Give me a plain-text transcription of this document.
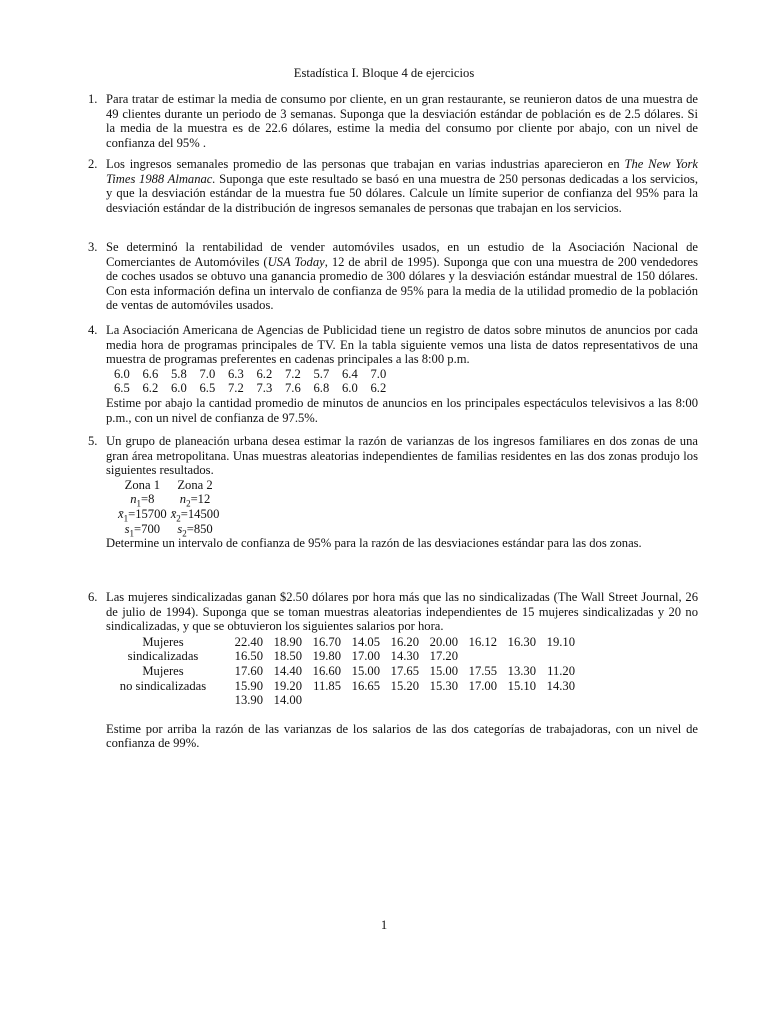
Estadística I. Bloque 4 de ejercicios
1. Para tratar de estimar la media de consumo por cliente, en un gran restaurante, se reunieron datos de una muestra de 49 clientes durante un periodo de 3 semanas. Suponga que la desviación estándar de población es de 2.5 dólares. Si la media de la muestra es de 22.6 dólares, estime la media del consumo por cliente por abajo, con un nivel de confianza del 95% .

2. Los ingresos semanales promedio de las personas que trabajan en varias industrias aparecieron en The New York Times 1988 Almanac. Suponga que este resultado se basó en una muestra de 250 personas dedicadas a los servicios, y que la desviación estándar de la muestra fue 50 dólares. Calcule un límite superior de confianza del 95% para la desviación estándar de la distribución de ingresos semanales de personas que trabajan en los servicios.

3. Se determinó la rentabilidad de vender automóviles usados, en un estudio de la Asociación Nacional de Comerciantes de Automóviles (USA Today, 12 de abril de 1995). Suponga que con una muestra de 200 vendedores de coches usados se obtuvo una ganancia promedio de 300 dólares y la desviación estándar muestral de 150 dólares. Con esta información defina un intervalo de confianza de 95% para la media de la utilidad promedio de la población de ventas de automóviles usados.

4. La Asociación Americana de Agencias de Publicidad tiene un registro de datos sobre minutos de anuncios por cada media hora de programas principales de TV. En la tabla siguiente vemos una lista de datos representativos de una muestra de programas preferentes en cadenas principales a las 8:00 p.m.

6.0	6.6	5.8	7.0	6.3	6.2	7.2	5.7	6.4	7.0
6.5	6.2	6.0	6.5	7.2	7.3	7.6	6.8	6.0	6.2

Estime por abajo la cantidad promedio de minutos de anuncios en los principales espectáculos televisivos a las 8:00 p.m., con un nivel de confianza de 97.5%.

5. Un grupo de planeación urbana desea estimar la razón de varianzas de los ingresos familiares en dos zonas de una gran área metropolitana. Unas muestras aleatorias independientes de familias residentes en las dos zonas produjo los siguientes resultados.

Zona 1	Zona 2
$n_1=8$	$n_2=12$
$x̄_1=15700$	$x̄_2=14500$
$s_1=700$	$s_2=850$

Determine un intervalo de confianza de 95% para la razón de las desviaciones estándar para las dos zonas.

6. Las mujeres sindicalizadas ganan $2.50 dólares por hora más que las no sindicalizadas (The Wall Street Journal, 26 de julio de 1994). Suponga que se toman muestras aleatorias independientes de 15 mujeres sindicalizadas y 20 no sindicalizadas, y que se obtuvieron los siguientes salarios por hora.

Mujeres	22.40	18.90	16.70	14.05	16.20	20.00	16.12	16.30	19.10
sindicalizadas	16.50	18.50	19.80	17.00	14.30	17.20			
Mujeres	17.60	14.40	16.60	15.00	17.65	15.00	17.55	13.30	11.20
no sindicalizadas	15.90	19.20	11.85	16.65	15.20	15.30	17.00	15.10	14.30
	13.90	14.00							

Estime por arriba la razón de las varianzas de los salarios de las dos categorías de trabajadoras, con un nivel de confianza de 99%.

1
